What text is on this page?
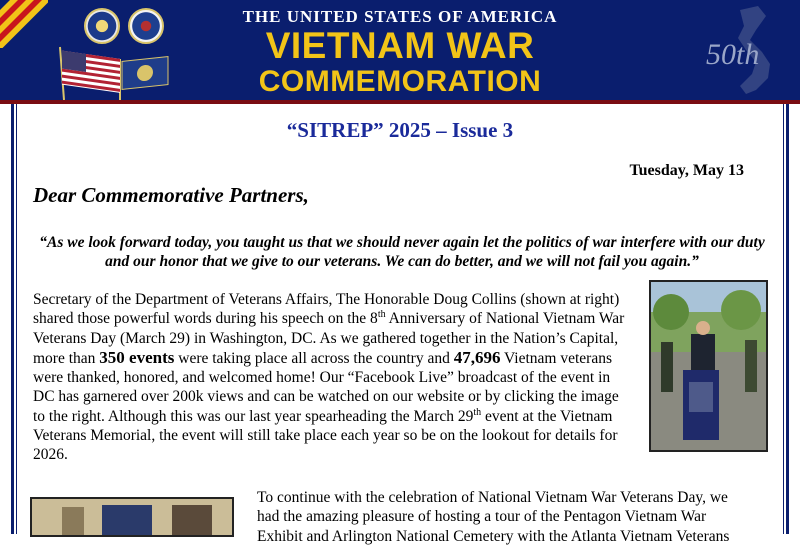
THE UNITED STATES OF AMERICA
VIETNAM WAR
COMMEMORATION
50th
“SITREP” 2025 – Issue 3
Tuesday, May 13
Dear Commemorative Partners,
“As we look forward today, you taught us that we should never again let the politics of war interfere with our duty and our honor that we give to our veterans. We can do better, and we will not fail you again.”
Secretary of the Department of Veterans Affairs, The Honorable Doug Collins (shown at right) shared those powerful words during his speech on the 8th Anniversary of National Vietnam War Veterans Day (March 29) in Washington, DC. As we gathered together in the Nation’s Capital, more than 350 events were taking place all across the country and 47,696 Vietnam veterans were thanked, honored, and welcomed home! Our “Facebook Live” broadcast of the event in DC has garnered over 200k views and can be watched on our website or by clicking the image to the right. Although this was our last year spearheading the March 29th event at the Vietnam Veterans Memorial, the event will still take place each year so be on the lookout for details for 2026.
To continue with the celebration of National Vietnam War Veterans Day, we
had the amazing pleasure of hosting a tour of the Pentagon Vietnam War
Exhibit and Arlington National Cemetery with the Atlanta Vietnam Veterans
